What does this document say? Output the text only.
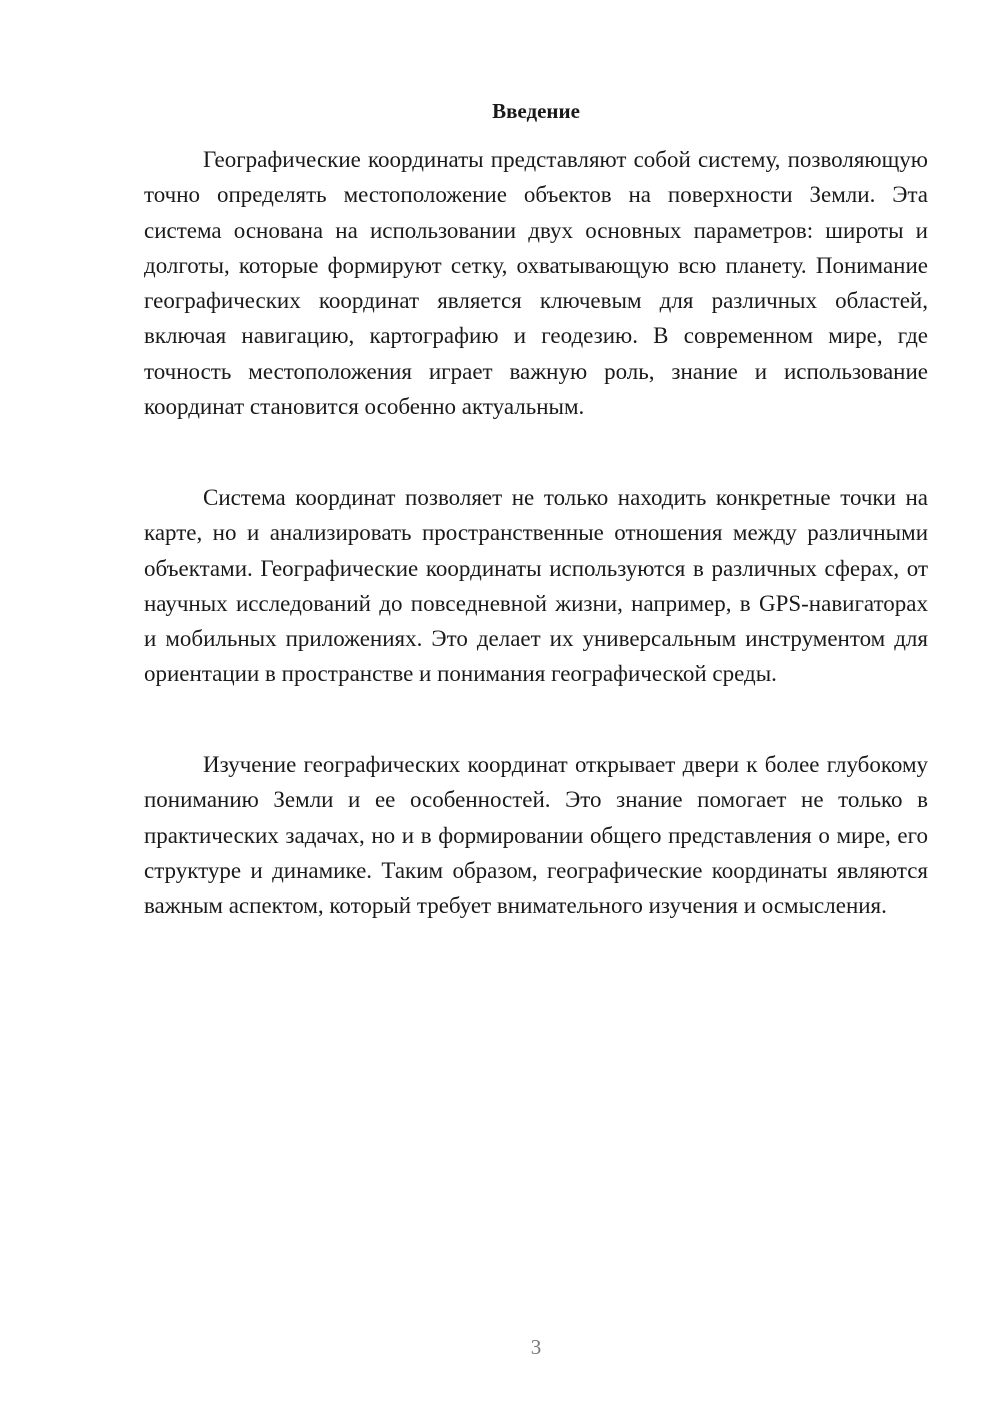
Введение

Географические координаты представляют собой систему, позволяющую точно определять местоположение объектов на поверхности Земли. Эта система основана на использовании двух основных параметров: широты и долготы, которые формируют сетку, охватывающую всю планету. Понимание географических координат является ключевым для различных областей, включая навигацию, картографию и геодезию. В современном мире, где точность местоположения играет важную роль, знание и использование координат становится особенно актуальным.

Система координат позволяет не только находить конкретные точки на карте, но и анализировать пространственные отношения между различными объектами. Географические координаты используются в различных сферах, от научных исследований до повседневной жизни, например, в GPS-навигаторах и мобильных приложениях. Это делает их универсальным инструментом для ориентации в пространстве и понимания географической среды.

Изучение географических координат открывает двери к более глубокому пониманию Земли и ее особенностей. Это знание помогает не только в практических задачах, но и в формировании общего представления о мире, его структуре и динамике. Таким образом, географические координаты являются важным аспектом, который требует внимательного изучения и осмысления.

3
